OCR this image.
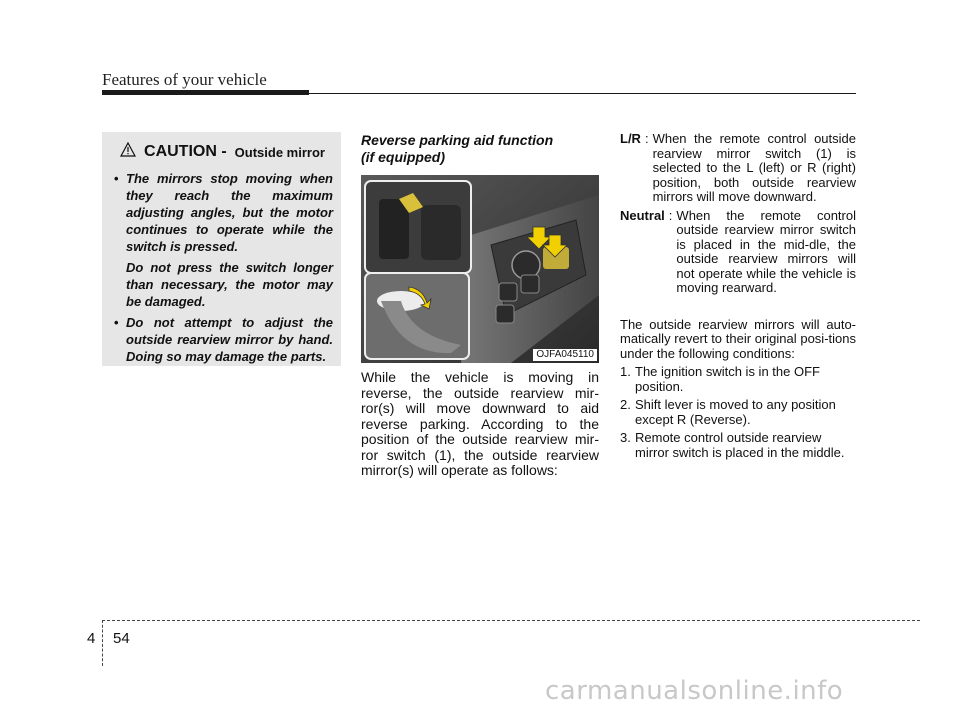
Features of your vehicle
CAUTION - Outside mirror
• The mirrors stop moving when they reach the maximum adjusting angles, but the motor continues to operate while the switch is pressed.

Do not press the switch longer than necessary, the motor may be damaged.

• Do not attempt to adjust the outside rearview mirror by hand. Doing so may damage the parts.
Reverse parking aid function
(if equipped)
OJFA045110

While the vehicle is moving in reverse, the outside rearview mir-ror(s) will move downward to aid reverse parking. According to the position of the outside rearview mir-ror switch (1), the outside rearview mirror(s) will operate as follows:

L/R : When the remote control outside rearview mirror switch (1) is selected to the L (left) or R (right) position, both outside rearview mirrors will move downward.
Neutral : When the remote control outside rearview mirror switch is placed in the mid-dle, the outside rearview mirrors will not operate while the vehicle is moving rearward.

The outside rearview mirrors will auto-matically revert to their original posi-tions under the following conditions:

1. The ignition switch is in the OFF position.
2. Shift lever is moved to any position except R (Reverse).
3. Remote control outside rearview mirror switch is placed in the middle.
4 54
carmanualsonline.info
